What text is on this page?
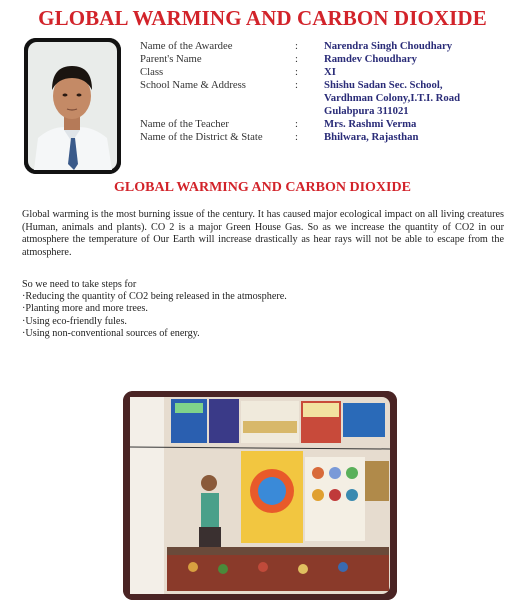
GLOBAL WARMING AND CARBON DIOXIDE
Name of the Awardee	: Narendra Singh Choudhary
Parent's Name	: Ramdev Choudhary
Class	: XI
School Name & Address	: Shishu Sadan Sec. School,
Vardhman Colony,I.T.I. Road
Gulabpura 311021
Name of the Teacher	: Mrs. Rashmi Verma
Name of the District & State	: Bhilwara, Rajasthan
GLOBAL WARMING AND CARBON DIOXIDE

Global warming is the most burning issue of the century. It has caused major ecological impact on all living creatures (Human, animals and plants). CO 2 is a major Green House Gas. So as we increase the quantity of CO2 in our atmosphere the temperature of Our Earth will increase drastically as hear rays will not be able to escape from the atmosphere.

So we need to take steps for
·Reducing the quantity of CO2 being released in the atmosphere.
·Planting more and more trees.
·Using eco-friendly fules.
·Using non-conventional sources of energy.
